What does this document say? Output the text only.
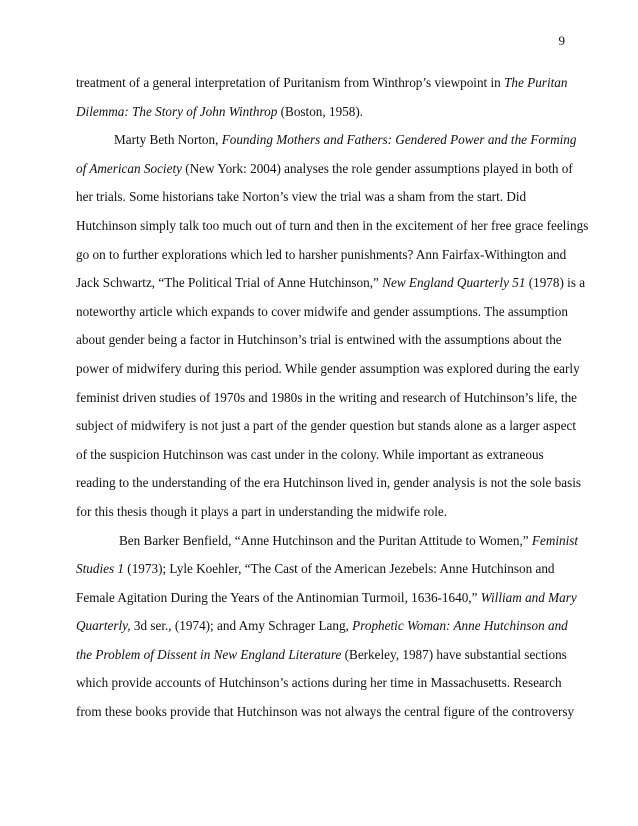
9
treatment of a general interpretation of Puritanism from Winthrop’s viewpoint in The Puritan
Dilemma: The Story of John Winthrop (Boston, 1958).
Marty Beth Norton, Founding Mothers and Fathers: Gendered Power and the Forming
of American Society (New York: 2004) analyses the role gender assumptions played in both of
her trials. Some historians take Norton’s view the trial was a sham from the start. Did
Hutchinson simply talk too much out of turn and then in the excitement of her free grace feelings
go on to further explorations which led to harsher punishments? Ann Fairfax-Withington and
Jack Schwartz, “The Political Trial of Anne Hutchinson,” New England Quarterly 51 (1978) is a
noteworthy article which expands to cover midwife and gender assumptions. The assumption
about gender being a factor in Hutchinson’s trial is entwined with the assumptions about the
power of midwifery during this period. While gender assumption was explored during the early
feminist driven studies of 1970s and 1980s in the writing and research of Hutchinson’s life, the
subject of midwifery is not just a part of the gender question but stands alone as a larger aspect
of the suspicion Hutchinson was cast under in the colony. While important as extraneous
reading to the understanding of the era Hutchinson lived in, gender analysis is not the sole basis
for this thesis though it plays a part in understanding the midwife role.
Ben Barker Benfield, “Anne Hutchinson and the Puritan Attitude to Women,” Feminist
Studies 1 (1973); Lyle Koehler, “The Cast of the American Jezebels: Anne Hutchinson and
Female Agitation During the Years of the Antinomian Turmoil, 1636-1640,” William and Mary
Quarterly, 3d ser., (1974); and Amy Schrager Lang, Prophetic Woman: Anne Hutchinson and
the Problem of Dissent in New England Literature (Berkeley, 1987) have substantial sections
which provide accounts of Hutchinson’s actions during her time in Massachusetts. Research
from these books provide that Hutchinson was not always the central figure of the controversy
